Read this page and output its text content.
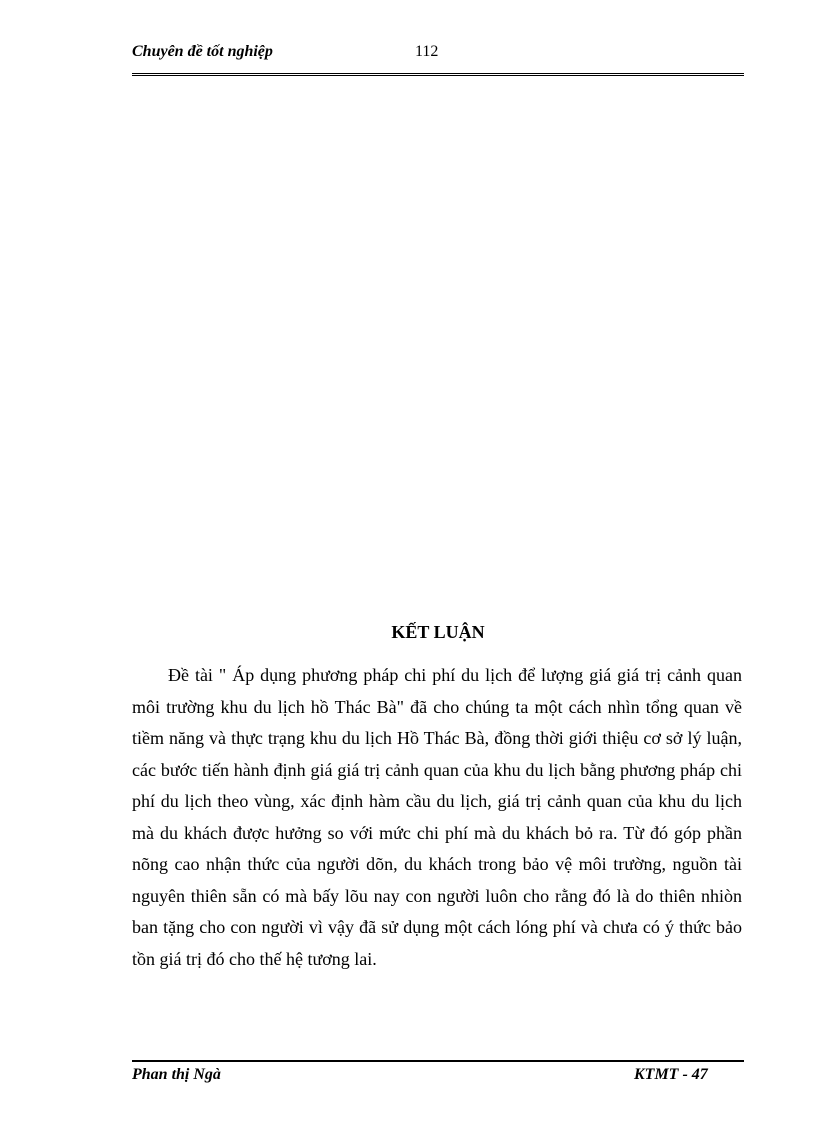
Chuyên đề tốt nghiệp	112
KẾT LUẬN

Đề tài " Áp dụng phương pháp chi phí du lịch để lượng giá giá trị cảnh quan môi trường khu du lịch hồ Thác Bà" đã cho chúng ta một cách nhìn tổng quan về tiềm năng và thực trạng khu du lịch Hồ Thác Bà, đồng thời giới thiệu cơ sở lý luận, các bước tiến hành định giá giá trị cảnh quan của khu du lịch bằng phương pháp chi phí du lịch theo vùng, xác định hàm cầu du lịch, giá trị cảnh quan của khu du lịch mà du khách được hưởng so với mức chi phí mà du khách bỏ ra. Từ đó góp phần nõng cao nhận thức của người dõn, du khách trong bảo vệ môi trường, nguồn tài nguyên thiên sẵn có mà bấy lõu nay con người luôn cho rằng đó là do thiên nhiòn ban tặng cho con người vì vậy đã sử dụng một cách lóng phí và chưa có ý thức bảo tồn giá trị đó cho thế hệ tương lai.

Phan thị Ngà	KTMT - 47
